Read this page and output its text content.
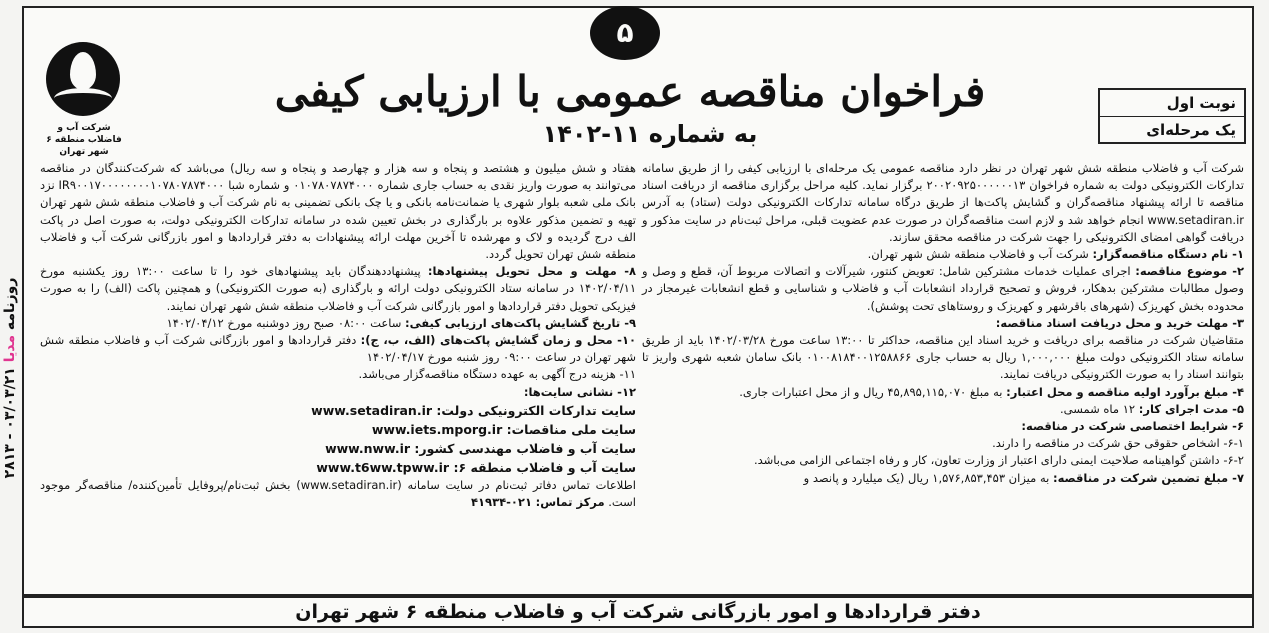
شرکت آب و فاضلاب منطقه ۶ شهر تهران
۵
فراخوان مناقصه عمومی با ارزیابی کیفی
به شماره ۱۱-۱۴۰۲
نوبت اول
یک مرحله‌ای
روزنامه مدیا ۰۳/۰۳/۲۱ - ۲۸۱۳

شرکت آب و فاضلاب منطقه شش شهر تهران در نظر دارد مناقصه عمومی یک مرحله‌ای با ارزیابی کیفی را از طریق سامانه تدارکات الکترونیکی دولت به شماره فراخوان ۲۰۰۲۰۹۲۵۰۰۰۰۰۰۱۳ برگزار نماید. کلیه مراحل برگزاری مناقصه از دریافت اسناد مناقصه تا ارائه پیشنهاد مناقصه‌گران و گشایش پاکت‌ها از طریق درگاه سامانه تدارکات الکترونیکی دولت (ستاد) به آدرس www.setadiran.ir انجام خواهد شد و لازم است مناقصه‌گران در صورت عدم عضویت قبلی، مراحل ثبت‌نام در سایت مذکور و دریافت گواهی امضای الکترونیکی را جهت شرکت در مناقصه محقق سازند.

۱- نام دستگاه مناقصه‌گزار: شرکت آب و فاضلاب منطقه شش شهر تهران.

۲- موضوع مناقصه: اجرای عملیات خدمات مشترکین شامل: تعویض کنتور، شیرآلات و اتصالات مربوط آن، قطع و وصل و وصول مطالبات مشترکین بدهکار، فروش و تصحیح قرارداد انشعابات آب و فاضلاب و شناسایی و قطع انشعابات غیرمجاز در محدوده بخش کهریزک (شهرهای باقرشهر و کهریزک و روستاهای تحت پوشش).

۳- مهلت خرید و محل دریافت اسناد مناقصه:

متقاضیان شرکت در مناقصه برای دریافت و خرید اسناد این مناقصه، حداکثر تا ۱۳:۰۰ ساعت مورخ ۱۴۰۲/۰۳/۲۸ باید از طریق سامانه ستاد الکترونیکی دولت مبلغ ۱,۰۰۰,۰۰۰ ریال به حساب جاری ۰۱۰۰۸۱۸۴۰۰۱۲۵۸۸۶۶ بانک سامان شعبه شهری واریز تا بتوانند اسناد را به صورت الکترونیکی دریافت نمایند.

۴- مبلغ برآورد اولیه مناقصه و محل اعتبار: به مبلغ ۴۵,۸۹۵,۱۱۵,۰۷۰ ریال و از محل اعتبارات جاری.

۵- مدت اجرای کار: ۱۲ ماه شمسی.

۶- شرایط اختصاصی شرکت در مناقصه:

۶-۱- اشخاص حقوقی حق شرکت در مناقصه را دارند.

۶-۲- داشتن گواهینامه صلاحیت ایمنی دارای اعتبار از وزارت تعاون، کار و رفاه اجتماعی الزامی می‌باشد.

۷- مبلغ تضمین شرکت در مناقصه: به میزان ۱,۵۷۶,۸۵۳,۴۵۳ ریال (یک میلیارد و پانصد و

هفتاد و شش میلیون و هشتصد و پنجاه و سه هزار و چهارصد و پنجاه و سه ریال) می‌باشد که شرکت‌کنندگان در مناقصه می‌توانند به صورت واریز نقدی به حساب جاری شماره ۰۱۰۷۸۰۷۸۷۴۰۰۰ و شماره شبا IR۹۰۰۱۷۰۰۰۰۰۰۰۰۱۰۷۸۰۷۸۷۴۰۰۰ نزد بانک ملی شعبه بلوار شهری یا ضمانت‌نامه بانکی و یا چک بانکی تضمینی به نام شرکت آب و فاضلاب منطقه شش شهر تهران تهیه و تضمین مذکور علاوه بر بارگذاری در بخش تعیین شده در سامانه تدارکات الکترونیکی دولت، به صورت اصل در پاکت الف درج گردیده و لاک و مهرشده تا آخرین مهلت ارائه پیشنهادات به دفتر قراردادها و امور بازرگانی شرکت آب و فاضلاب منطقه شش تهران تحویل گردد.

۸- مهلت و محل تحویل پیشنهادها: پیشنهاددهندگان باید پیشنهادهای خود را تا ساعت ۱۳:۰۰ روز یکشنبه مورخ ۱۴۰۲/۰۴/۱۱ در سامانه ستاد الکترونیکی دولت ارائه و بارگذاری (به صورت الکترونیکی) و همچنین پاکت (الف) را به صورت فیزیکی تحویل دفتر قراردادها و امور بازرگانی شرکت آب و فاضلاب منطقه شش شهر تهران نمایند.

۹- تاریخ گشایش پاکت‌های ارزیابی کیفی: ساعت ۰۸:۰۰ صبح روز دوشنبه مورخ ۱۴۰۲/۰۴/۱۲

۱۰- محل و زمان گشایش پاکت‌های (الف، ب، ج): دفتر قراردادها و امور بازرگانی شرکت آب و فاضلاب منطقه شش شهر تهران در ساعت ۰۹:۰۰ روز شنبه مورخ ۱۴۰۲/۰۴/۱۷

۱۱- هزینه درج آگهی به عهده دستگاه مناقصه‌گزار می‌باشد.

۱۲- نشانی سایت‌ها:

سایت تدارکات الکترونیکی دولت: www.setadiran.ir

سایت ملی مناقصات: www.iets.mporg.ir

سایت آب و فاضلاب مهندسی کشور: www.nww.ir

سایت آب و فاضلاب منطقه ۶: www.t6ww.tpww.ir

اطلاعات تماس دفاتر ثبت‌نام در سایت سامانه (www.setadiran.ir) بخش ثبت‌نام/پروفایل تأمین‌کننده/ مناقصه‌گر موجود است. مرکز تماس: ۰۲۱-۴۱۹۳۴

دفتر قراردادها و امور بازرگانی شرکت آب و فاضلاب منطقه ۶ شهر تهران
